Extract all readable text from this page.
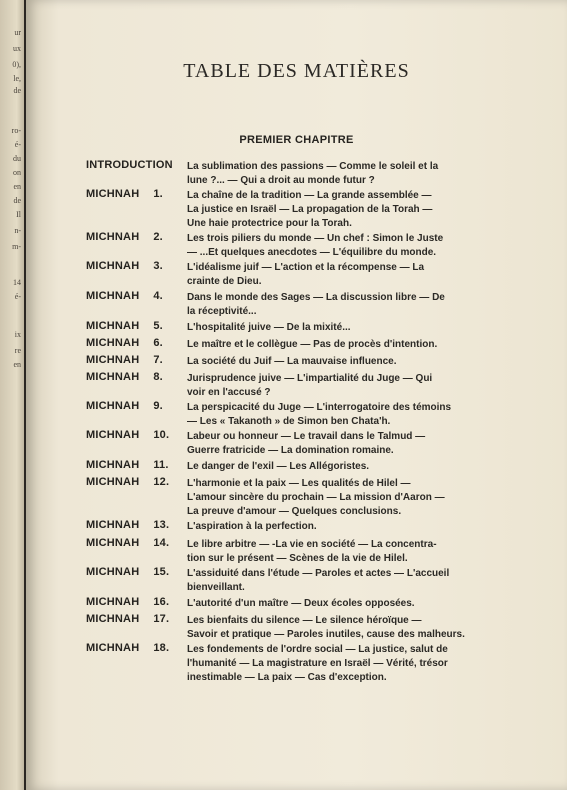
ur
ux
0),
le,
de
ro-
é-
du
on
en
de
Il
n-
m-
14
é-
ix
re
en
TABLE DES MATIÈRES
PREMIER CHAPITRE
INTRODUCTION La sublimation des passions — Comme le soleil et la
lune ?... — Qui a droit au monde futur ?
MICHNAH 1. La chaîne de la tradition — La grande assemblée —
La justice en Israël — La propagation de la Torah —
Une haie protectrice pour la Torah.
MICHNAH 2. Les trois piliers du monde — Un chef : Simon le Juste
— ...Et quelques anecdotes — L'équilibre du monde.
MICHNAH 3. L'idéalisme juif — L'action et la récompense — La
crainte de Dieu.
MICHNAH 4. Dans le monde des Sages — La discussion libre — De
la réceptivité...
MICHNAH 5. L'hospitalité juive — De la mixité...
MICHNAH 6. Le maître et le collègue — Pas de procès d'intention.
MICHNAH 7. La société du Juif — La mauvaise influence.
MICHNAH 8. Jurisprudence juive — L'impartialité du Juge — Qui
voir en l'accusé ?
MICHNAH 9. La perspicacité du Juge — L'interrogatoire des témoins
— Les « Takanoth » de Simon ben Chata'h.
MICHNAH 10. Labeur ou honneur — Le travail dans le Talmud —
Guerre fratricide — La domination romaine.
MICHNAH 11. Le danger de l'exil — Les Allégoristes.
MICHNAH 12. L'harmonie et la paix — Les qualités de Hilel —
L'amour sincère du prochain — La mission d'Aaron —
La preuve d'amour — Quelques conclusions.
MICHNAH 13. L'aspiration à la perfection.
MICHNAH 14. Le libre arbitre — -La vie en société — La concentra-
tion sur le présent — Scènes de la vie de Hilel.
MICHNAH 15. L'assiduité dans l'étude — Paroles et actes — L'accueil
bienveillant.
MICHNAH 16. L'autorité d'un maître — Deux écoles opposées.
MICHNAH 17. Les bienfaits du silence — Le silence héroïque —
Savoir et pratique — Paroles inutiles, cause des malheurs.
MICHNAH 18. Les fondements de l'ordre social — La justice, salut de
l'humanité — La magistrature en Israël — Vérité, trésor
inestimable — La paix — Cas d'exception.
